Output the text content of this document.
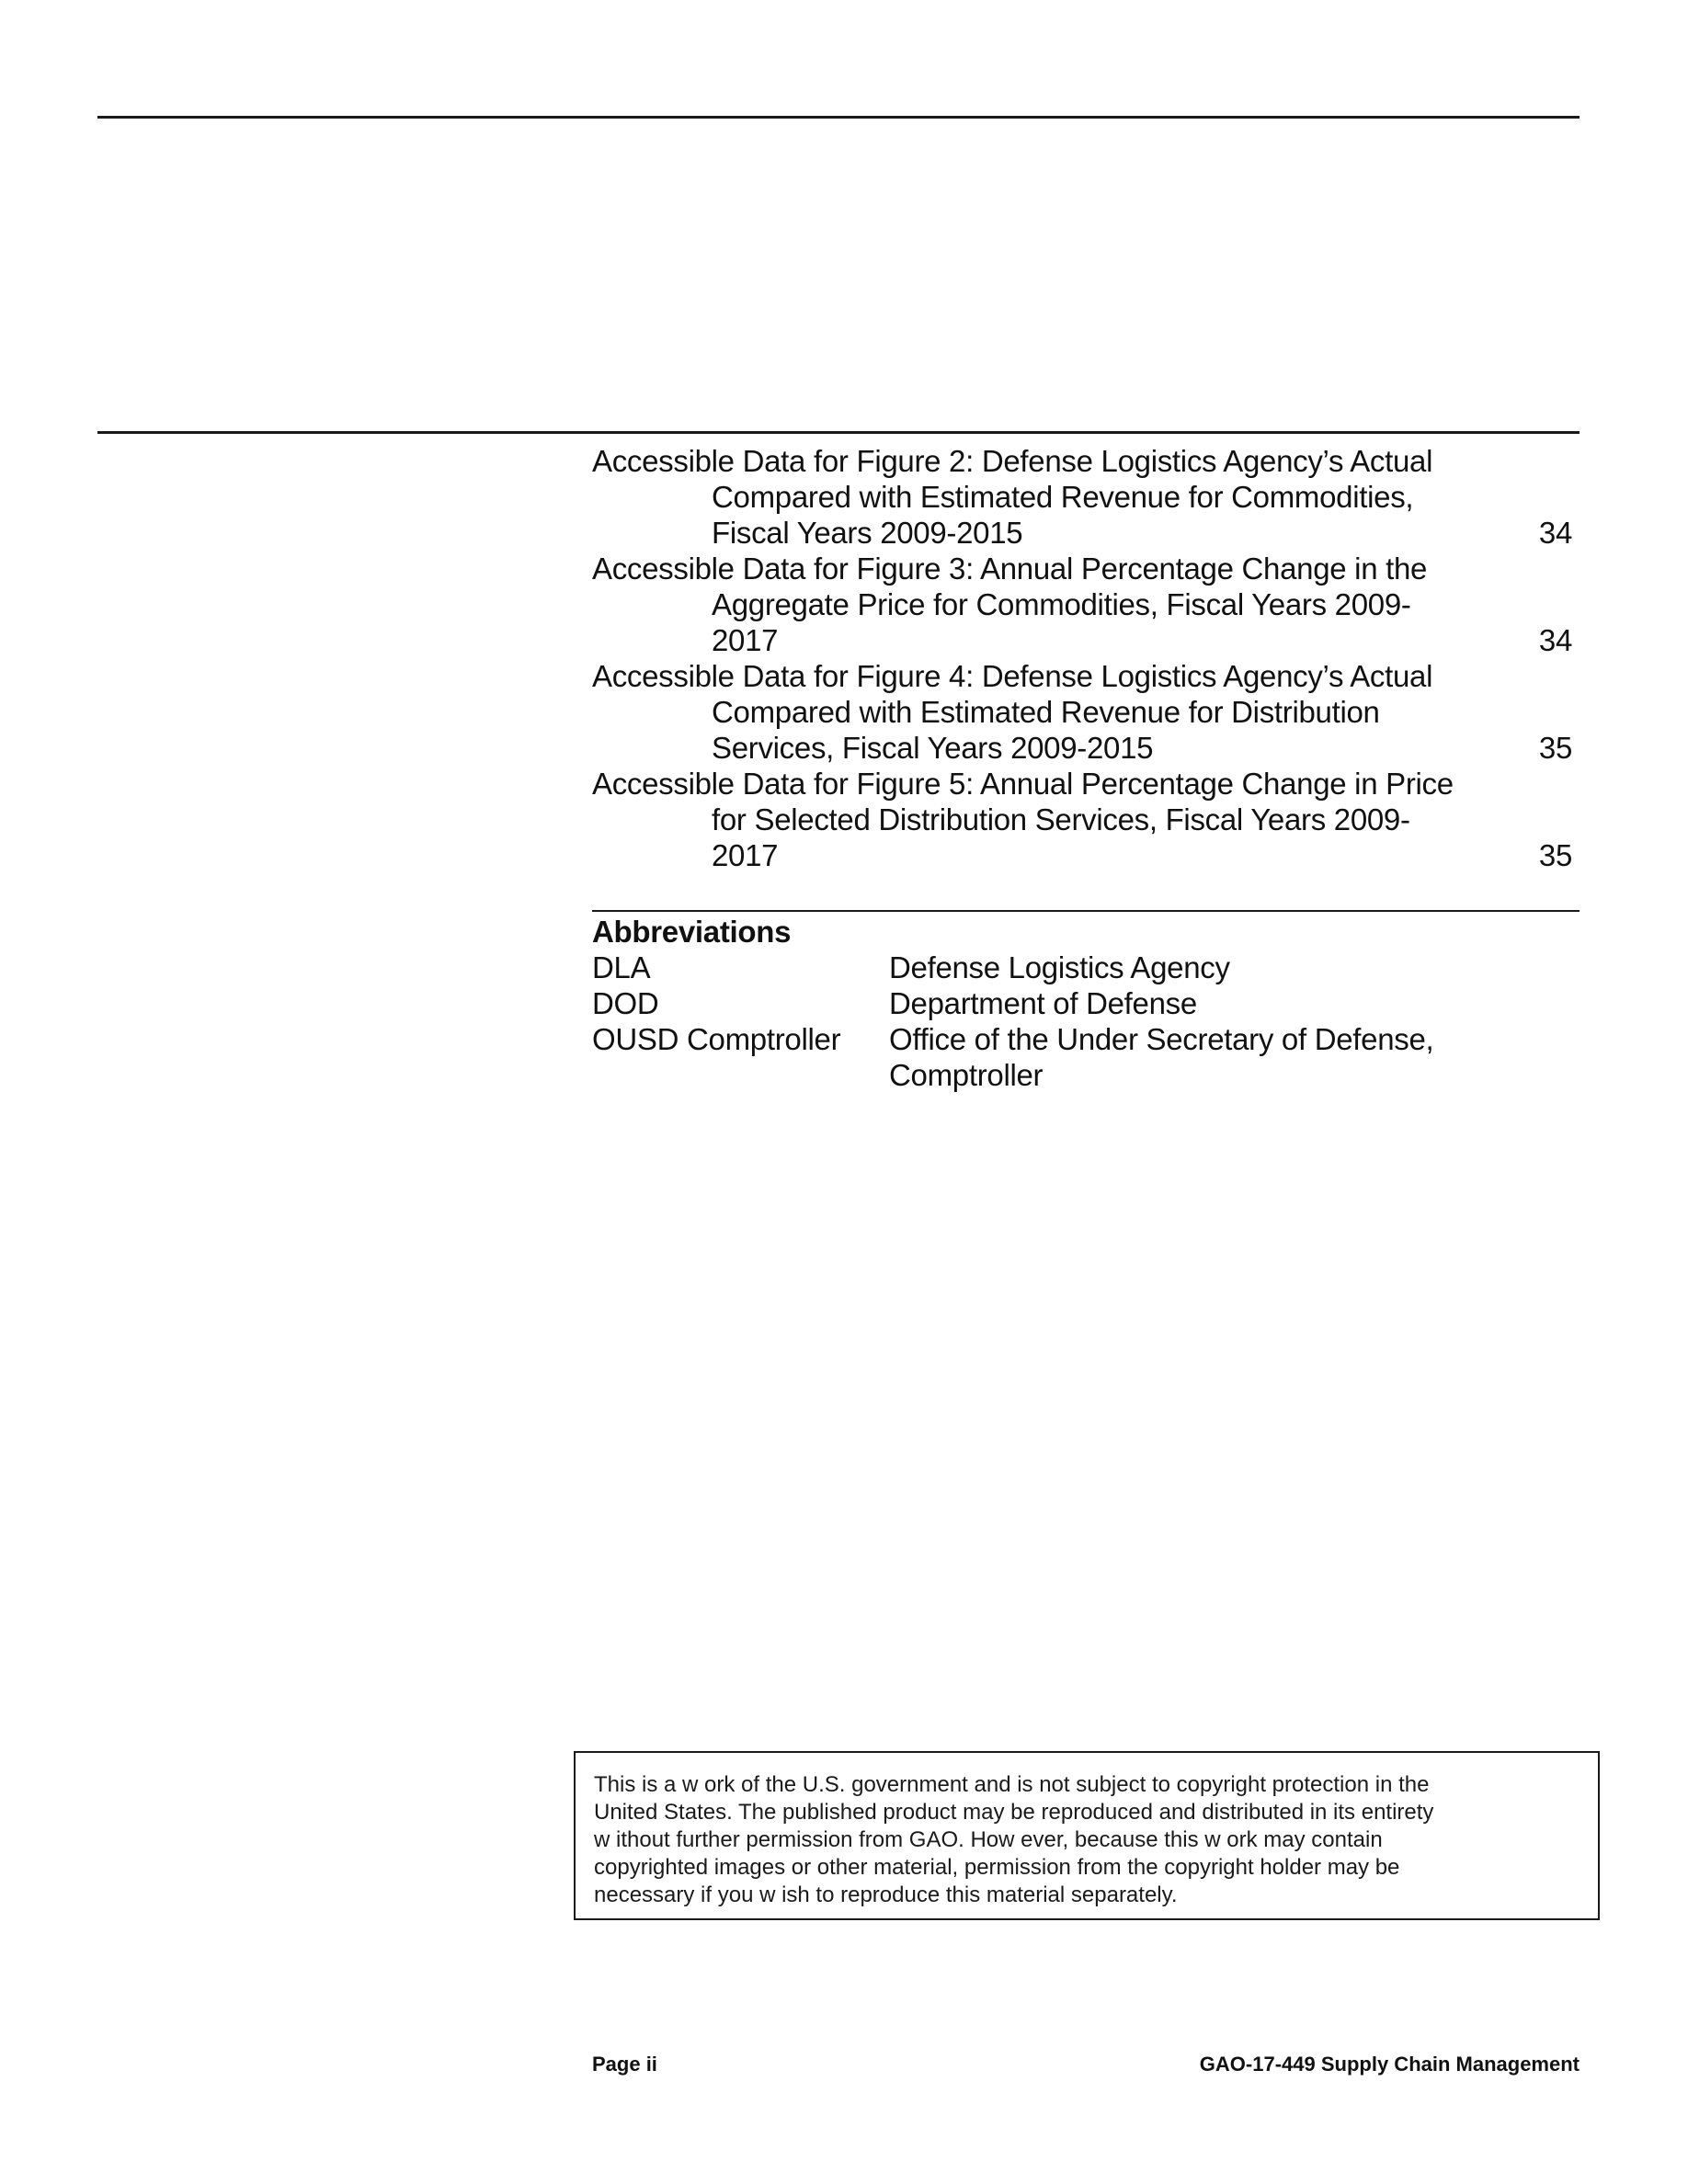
Accessible Data for Figure 2: Defense Logistics Agency’s Actual
Compared with Estimated Revenue for Commodities,
Fiscal Years 2009-2015	34
Accessible Data for Figure 3: Annual Percentage Change in the
Aggregate Price for Commodities, Fiscal Years 2009-
2017	34
Accessible Data for Figure 4: Defense Logistics Agency’s Actual
Compared with Estimated Revenue for Distribution
Services, Fiscal Years 2009-2015	35
Accessible Data for Figure 5: Annual Percentage Change in Price
for Selected Distribution Services, Fiscal Years 2009-
2017	35
Abbreviations
DLA	Defense Logistics Agency
DOD	Department of Defense
OUSD Comptroller	Office of the Under Secretary of Defense,
Comptroller
This is a w ork of the U.S. government and is not subject to copyright protection in the
United States. The published product may be reproduced and distributed in its entirety
w ithout further permission from GAO. How ever, because this w ork may contain
copyrighted images or other material, permission from the copyright holder may be
necessary if you w ish to reproduce this material separately.
Page ii	GAO-17-449 Supply Chain Management
